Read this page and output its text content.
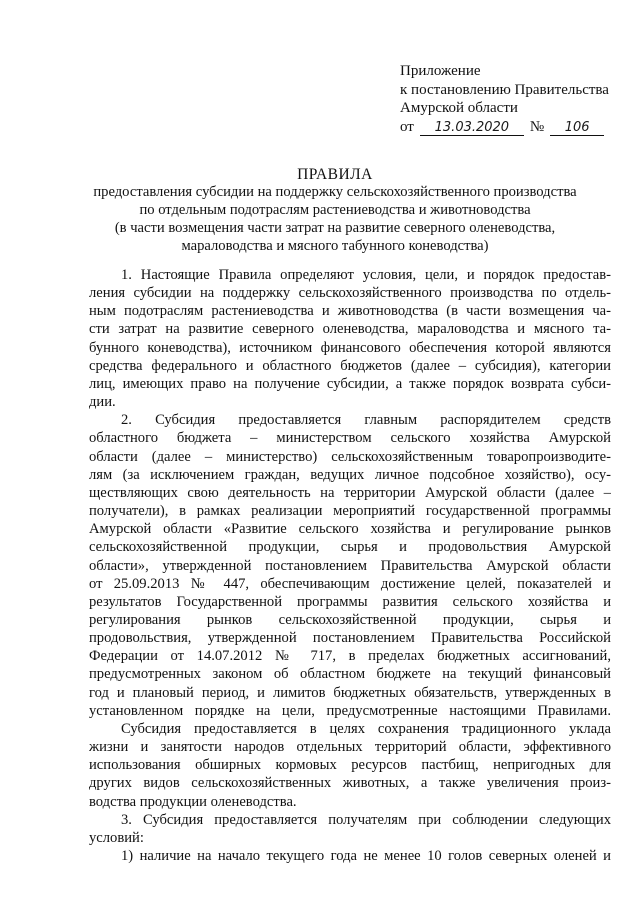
Приложение
к постановлению Правительства
Амурской области
от 13.03.2020 № 106
ПРАВИЛА
предоставления субсидии на поддержку сельскохозяйственного производства
по отдельным подотраслям растениеводства и животноводства
(в части возмещения части затрат на развитие северного оленеводства,
мараловодства и мясного табунного коневодства)
1. Настоящие Правила определяют условия, цели, и порядок предостав-
ления субсидии на поддержку сельскохозяйственного производства по отдель-
ным подотраслям растениеводства и животноводства (в части возмещения ча-
сти затрат на развитие северного оленеводства, мараловодства и мясного та-
бунного коневодства), источником финансового обеспечения которой являются
средства федерального и областного бюджетов (далее – субсидия), категории
лиц, имеющих право на получение субсидии, а также порядок возврата субси-
дии.
2. Субсидия предоставляется главным распорядителем средств
областного бюджета – министерством сельского хозяйства Амурской
области (далее – министерство) сельскохозяйственным товаропроизводите-
лям (за исключением граждан, ведущих личное подсобное хозяйство), осу-
ществляющих свою деятельность на территории Амурской области (далее –
получатели), в рамках реализации мероприятий государственной программы
Амурской области «Развитие сельского хозяйства и регулирование рынков
сельскохозяйственной продукции, сырья и продовольствия Амурской
области», утвержденной постановлением Правительства Амурской области
от 25.09.2013 № 447, обеспечивающим достижение целей, показателей и
результатов Государственной программы развития сельского хозяйства и
регулирования рынков сельскохозяйственной продукции, сырья и
продовольствия, утвержденной постановлением Правительства Российской
Федерации от 14.07.2012 № 717, в пределах бюджетных ассигнований,
предусмотренных законом об областном бюджете на текущий финансовый
год и плановый период, и лимитов бюджетных обязательств, утвержденных в
установленном порядке на цели, предусмотренные настоящими Правилами.
Субсидия предоставляется в целях сохранения традиционного уклада
жизни и занятости народов отдельных территорий области, эффективного
использования обширных кормовых ресурсов пастбищ, непригодных для
других видов сельскохозяйственных животных, а также увеличения произ-
водства продукции оленеводства.
3. Субсидия предоставляется получателям при соблюдении следующих
условий:
1) наличие на начало текущего года не менее 10 голов северных оленей и
